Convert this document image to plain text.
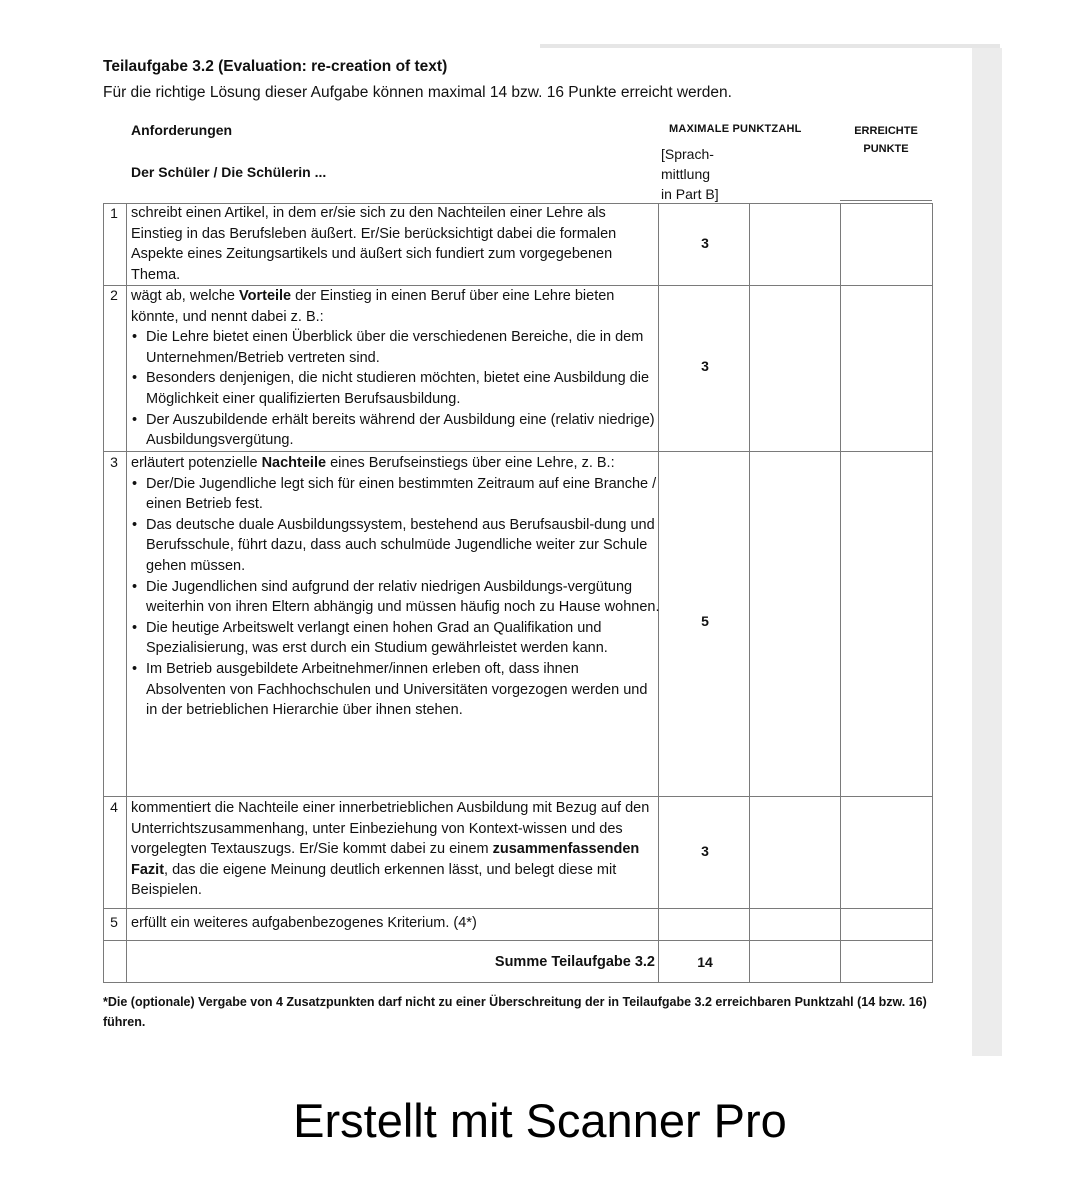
Teilaufgabe 3.2 (Evaluation: re-creation of text)
Für die richtige Lösung dieser Aufgabe können maximal 14 bzw. 16 Punkte erreicht werden.
Anforderungen
Der Schüler / Die Schülerin ...
MAXIMALE PUNKTZAHL
[Sprach-
mittlung
in Part B]
ERREICHTE
PUNKTE
1 schreibt einen Artikel, in dem er/sie sich zu den Nachteilen einer Lehre als Einstieg in das Berufsleben äußert. Er/Sie berücksichtigt dabei die formalen Aspekte eines Zeitungsartikels und äußert sich fundiert zum vorgegebenen Thema.

3
2 wägt ab, welche Vorteile der Einstieg in einen Beruf über eine Lehre bieten könnte, und nennt dabei z. B.:

• Die Lehre bietet einen Überblick über die verschiedenen Bereiche, die in dem Unternehmen/Betrieb vertreten sind.
• Besonders denjenigen, die nicht studieren möchten, bietet eine Ausbildung die Möglichkeit einer qualifizierten Berufsausbildung.
• Der Auszubildende erhält bereits während der Ausbildung eine (relativ niedrige) Ausbildungsvergütung.
3
3 erläutert potenzielle Nachteile eines Berufseinstiegs über eine Lehre, z. B.:

• Der/Die Jugendliche legt sich für einen bestimmten Zeitraum auf eine Branche / einen Betrieb fest.
• Das deutsche duale Ausbildungssystem, bestehend aus Berufsausbil-dung und Berufsschule, führt dazu, dass auch schulmüde Jugendliche weiter zur Schule gehen müssen.
• Die Jugendlichen sind aufgrund der relativ niedrigen Ausbildungs-vergütung weiterhin von ihren Eltern abhängig und müssen häufig noch zu Hause wohnen.
• Die heutige Arbeitswelt verlangt einen hohen Grad an Qualifikation und Spezialisierung, was erst durch ein Studium gewährleistet werden kann.
• Im Betrieb ausgebildete Arbeitnehmer/innen erleben oft, dass ihnen Absolventen von Fachhochschulen und Universitäten vorgezogen werden und in der betrieblichen Hierarchie über ihnen stehen.
5
4 kommentiert die Nachteile einer innerbetrieblichen Ausbildung mit Bezug auf den Unterrichtszusammenhang, unter Einbeziehung von Kontext-wissen und des vorgelegten Textauszugs. Er/Sie kommt dabei zu einem zusammenfassenden Fazit, das die eigene Meinung deutlich erkennen lässt, und belegt diese mit Beispielen.

3
5 erfüllt ein weiteres aufgabenbezogenes Kriterium. (4*)

Summe Teilaufgabe 3.2	14
*Die (optionale) Vergabe von 4 Zusatzpunkten darf nicht zu einer Überschreitung der in Teilaufgabe 3.2 erreichbaren Punktzahl (14 bzw. 16) führen.
Erstellt mit Scanner Pro
